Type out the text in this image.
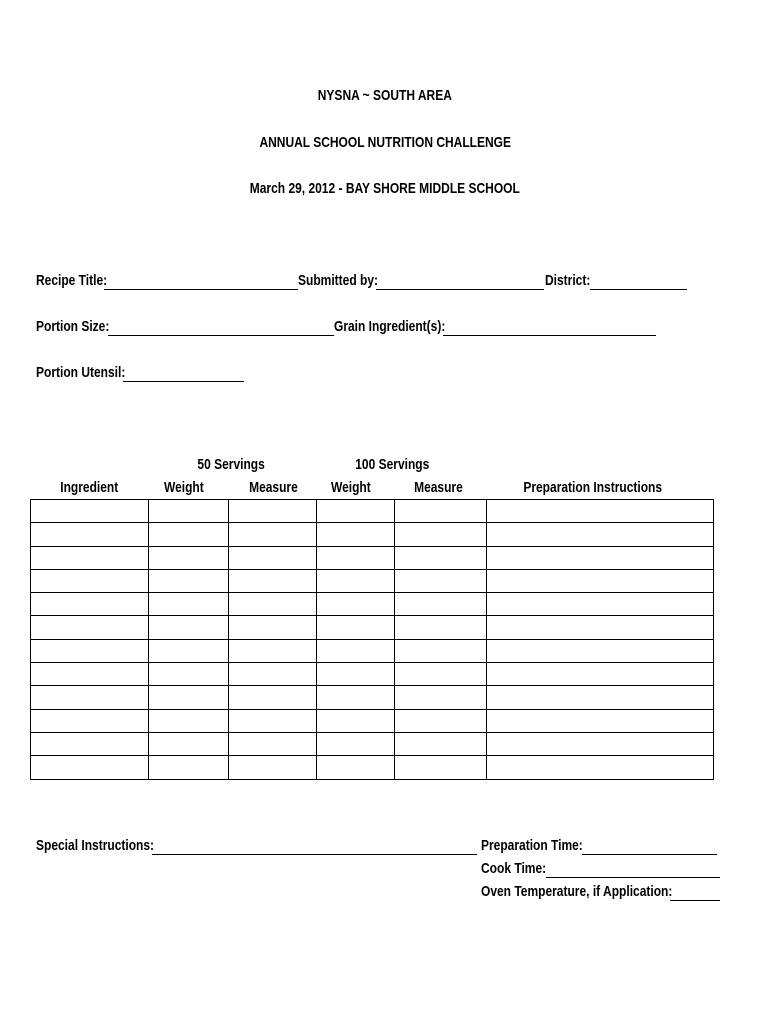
NYSNA ~ SOUTH AREA
ANNUAL SCHOOL NUTRITION CHALLENGE
March 29, 2012 - BAY SHORE MIDDLE SCHOOL
Recipe Title:	Submitted by:	District:
Portion Size:	Grain Ingredient(s):
Portion Utensil:
50 Servings	100 Servings
Ingredient	Weight	Measure	Weight	Measure	Preparation Instructions

Special Instructions:	Preparation Time:
Cook Time:
Oven Temperature, if Application:
